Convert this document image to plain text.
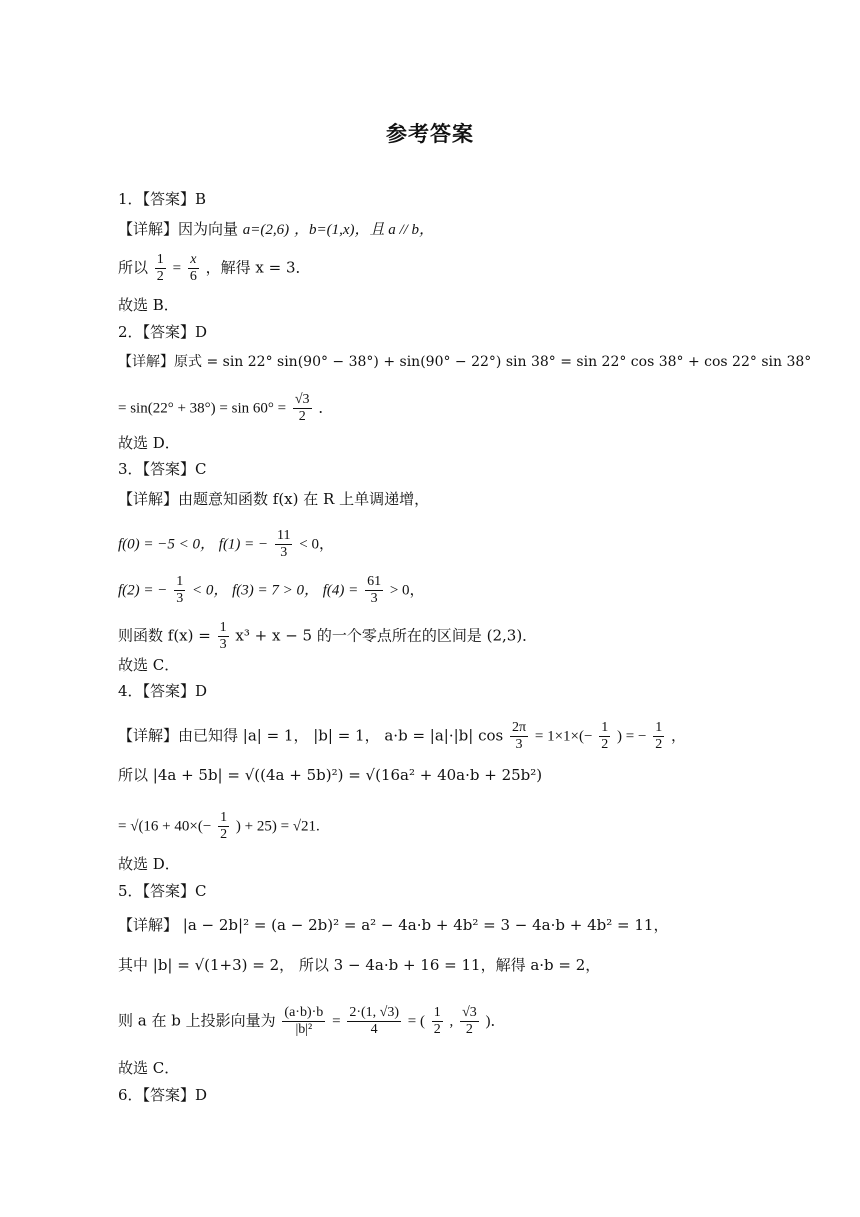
参考答案
1．【答案】B
【详解】因为向量 a=(2,6) ，b=(1,x)，且 a // b，
所以 $\frac{1}{2} = \frac{x}{6}$ ，解得 x = 3．
故选 B．
2．【答案】D
【详解】原式 = sin 22° sin(90° − 38°) + sin(90° − 22°) sin 38° = sin 22° cos 38° + cos 22° sin 38°
= $\sin(22^\circ + 38^\circ) = \sin 60^\circ = \frac{√3}{2}$ ．
故选 D．
3．【答案】C
【详解】由题意知函数 f(x) 在 R 上单调递增，
f(0) = −5 < 0， f(1) = − $\frac{11}{3} < 0$，
f(2) = − $\frac{1}{3} < 0$， f(3) = 7 > 0， $f(4) = \frac{61}{3} > 0$，
则函数 $f(x) = \frac{1}{3} x^3 + x - 5$ 的一个零点所在的区间是 (2,3)．
故选 C．
4．【答案】D
【详解】由已知得 |a| = 1， |b| = 1， a·b = |a|·|b| $\cos \frac{2\pi}{3} = 1\times 1\times(- \frac{1}{2}$ ) = − $\frac{1}{2}$ ，
所以 |4a + 5b| = √((4a + 5b)²) = √(16a² + 40a·b + 25b²)
= $√(16 + 40\times(- \frac{1}{2}$ ) + 25) = √21.
故选 D．
5．【答案】C
【详解】 |a − 2b|² = (a − 2b)² = a² − 4a·b + 4b² = 3 − 4a·b + 4b² = 11，
其中 |b| = √(1+3) = 2， 所以 3 − 4a·b + 16 = 11，解得 a·b = 2，
则 a 在 b 上投影向量为 $\frac{(a\cdot b)\cdot b}{\text{|b|²}} = \frac{2\cdot(1, √3)}{4}$ = ( $\frac{1}{2}$ , $\frac{√3}{2}$ )．
故选 C．
6．【答案】D
